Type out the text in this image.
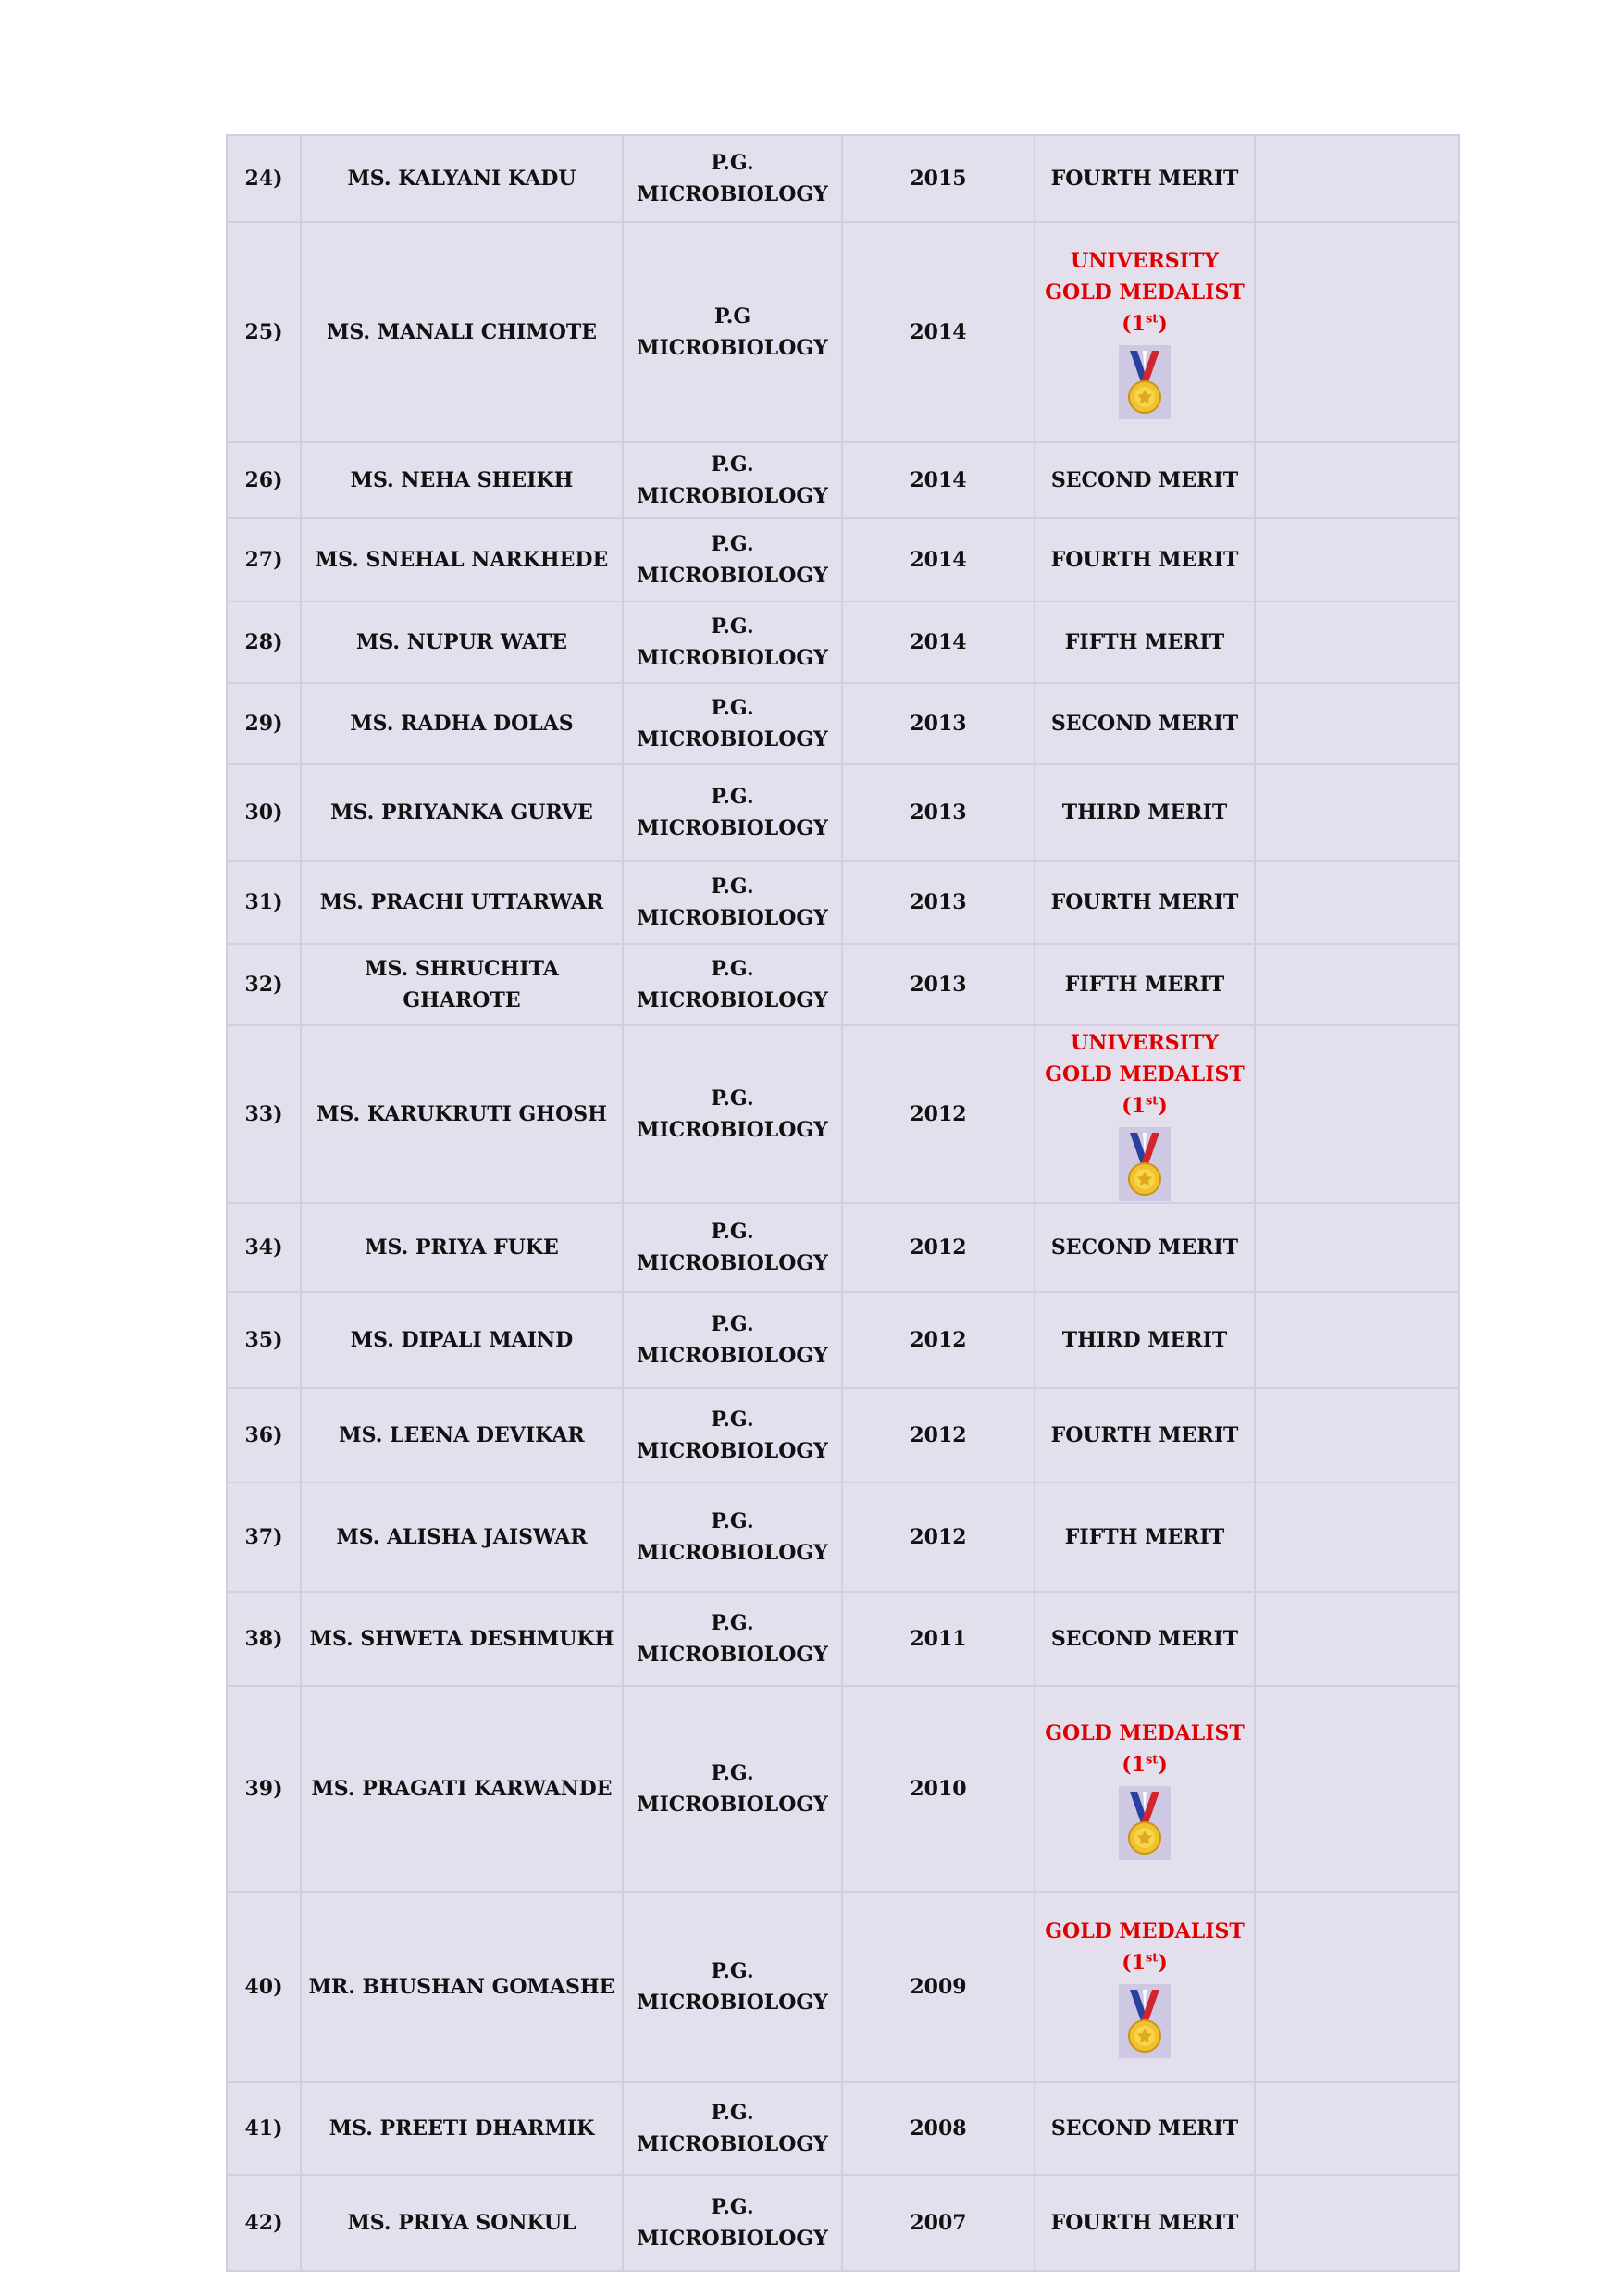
24)	MS. KALYANI KADU	P.G. MICROBIOLOGY	2015	FOURTH MERIT	

25)	MS. MANALI CHIMOTE	P.G MICROBIOLOGY	2014	UNIVERSITY GOLD MEDALIST
(1st)	

26)	MS. NEHA SHEIKH	P.G. MICROBIOLOGY	2014	SECOND MERIT	

27)	MS. SNEHAL NARKHEDE	P.G. MICROBIOLOGY	2014	FOURTH MERIT	

28)	MS. NUPUR WATE	P.G. MICROBIOLOGY	2014	FIFTH MERIT	

29)	MS. RADHA DOLAS	P.G. MICROBIOLOGY	2013	SECOND MERIT	

30)	MS. PRIYANKA GURVE	P.G. MICROBIOLOGY	2013	THIRD MERIT	

31)	MS. PRACHI UTTARWAR	P.G. MICROBIOLOGY	2013	FOURTH MERIT	

32)	MS. SHRUCHITA GHAROTE	P.G. MICROBIOLOGY	2013	FIFTH MERIT	

33)	MS. KARUKRUTI GHOSH	P.G. MICROBIOLOGY	2012	UNIVERSITY GOLD MEDALIST
(1st)	

34)	MS. PRIYA FUKE	P.G. MICROBIOLOGY	2012	SECOND MERIT	

35)	MS. DIPALI MAIND	P.G. MICROBIOLOGY	2012	THIRD MERIT	

36)	MS. LEENA DEVIKAR	P.G. MICROBIOLOGY	2012	FOURTH MERIT	

37)	MS. ALISHA JAISWAR	P.G. MICROBIOLOGY	2012	FIFTH MERIT	

38)	MS. SHWETA DESHMUKH	P.G. MICROBIOLOGY	2011	SECOND MERIT	

39)	MS. PRAGATI KARWANDE	P.G. MICROBIOLOGY	2010	GOLD MEDALIST
(1st)	

40)	MR. BHUSHAN GOMASHE	P.G. MICROBIOLOGY	2009	GOLD MEDALIST
(1st)	

41)	MS. PREETI DHARMIK	P.G. MICROBIOLOGY	2008	SECOND MERIT	

42)	MS. PRIYA SONKUL	P.G. MICROBIOLOGY	2007	FOURTH MERIT	
